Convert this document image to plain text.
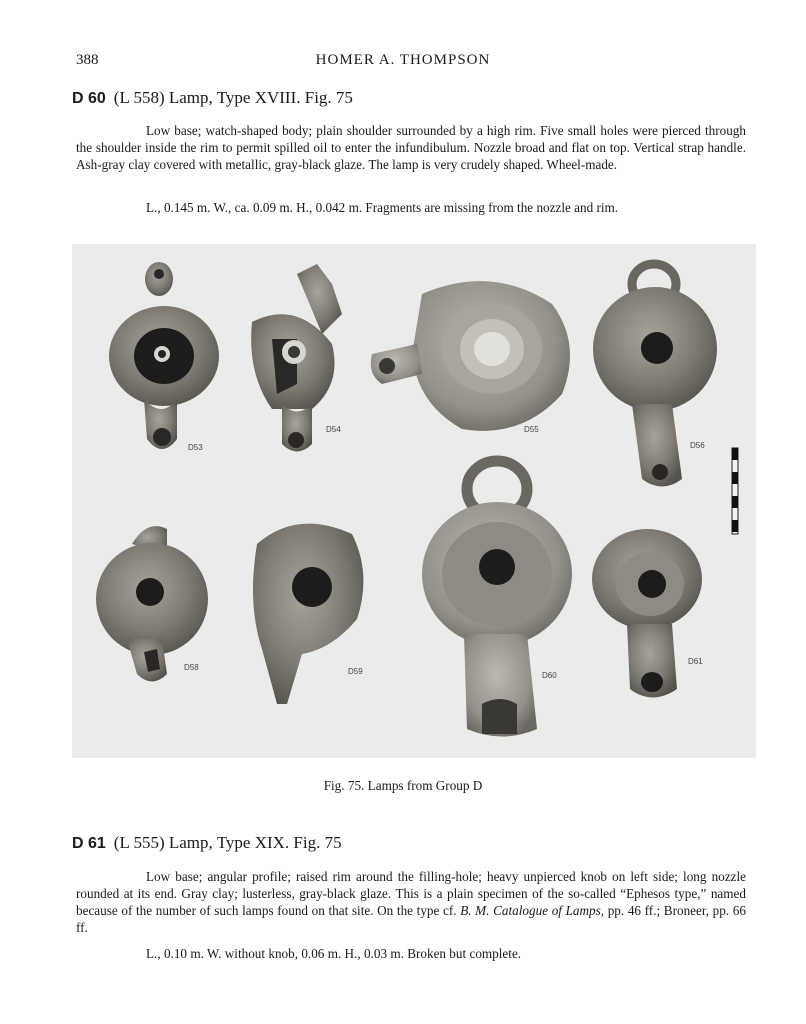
388	HOMER A. THOMPSON
D 60 (L 558) Lamp, Type XVIII. Fig. 75

Low base; watch-shaped body; plain shoulder surrounded by a high rim. Five small holes were pierced through the shoulder inside the rim to permit spilled oil to enter the infundibulum. Nozzle broad and flat on top. Vertical strap handle. Ash-gray clay covered with metallic, gray-black glaze. The lamp is very crudely shaped. Wheel-made.

L., 0.145 m. W., ca. 0.09 m. H., 0.042 m. Fragments are missing from the nozzle and rim.
D53
D54	D55
D56
D58	D59	D60
D61
Fig. 75. Lamps from Group D
D 61 (L 555) Lamp, Type XIX. Fig. 75

Low base; angular profile; raised rim around the filling-hole; heavy unpierced knob on left side; long nozzle rounded at its end. Gray clay; lusterless, gray-black glaze. This is a plain specimen of the so-called “Ephesos type,” named because of the number of such lamps found on that site. On the type cf. B. M. Catalogue of Lamps, pp. 46 ff.; Broneer, pp. 66 ff.

L., 0.10 m. W. without knob, 0.06 m. H., 0.03 m. Broken but complete.
